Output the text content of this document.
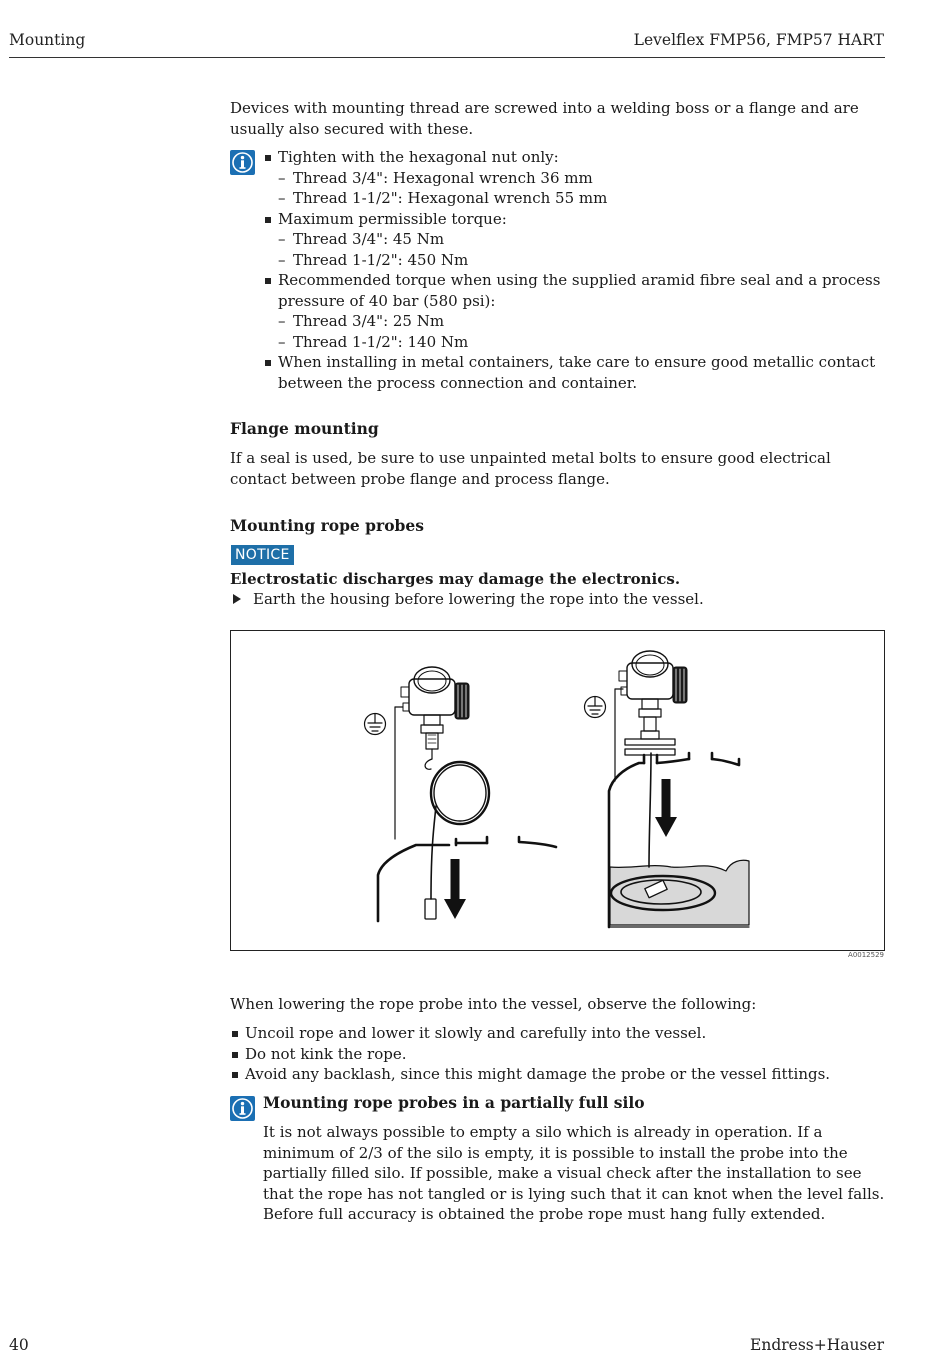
Mounting	Levelflex FMP56, FMP57 HART

Devices with mounting thread are screwed into a welding boss or a flange and are usually also secured with these.

Tighten with the hexagonal nut only:
– Thread 3/4": Hexagonal wrench 36 mm
– Thread 1-1/2": Hexagonal wrench 55 mm
Maximum permissible torque:
– Thread 3/4": 45 Nm
– Thread 1-1/2": 450 Nm
Recommended torque when using the supplied aramid fibre seal and a process pressure of 40 bar (580 psi):
– Thread 3/4": 25 Nm
– Thread 1-1/2": 140 Nm
When installing in metal containers, take care to ensure good metallic contact between the process connection and container.
Flange mounting

If a seal is used, be sure to use unpainted metal bolts to ensure good electrical contact between probe flange and process flange.

Mounting rope probes
NOTICE

Electrostatic discharges may damage the electronics.

Earth the housing before lowering the rope into the vessel.
A0012529

When lowering the rope probe into the vessel, observe the following:

Uncoil rope and lower it slowly and carefully into the vessel.
Do not kink the rope.
Avoid any backlash, since this might damage the probe or the vessel fittings.
Mounting rope probes in a partially full silo

It is not always possible to empty a silo which is already in operation. If a minimum of 2/3 of the silo is empty, it is possible to install the probe into the partially filled silo. If possible, make a visual check after the installation to see that the rope has not tangled or is lying such that it can knot when the level falls. Before full accuracy is obtained the probe rope must hang fully extended.

40	Endress+Hauser
